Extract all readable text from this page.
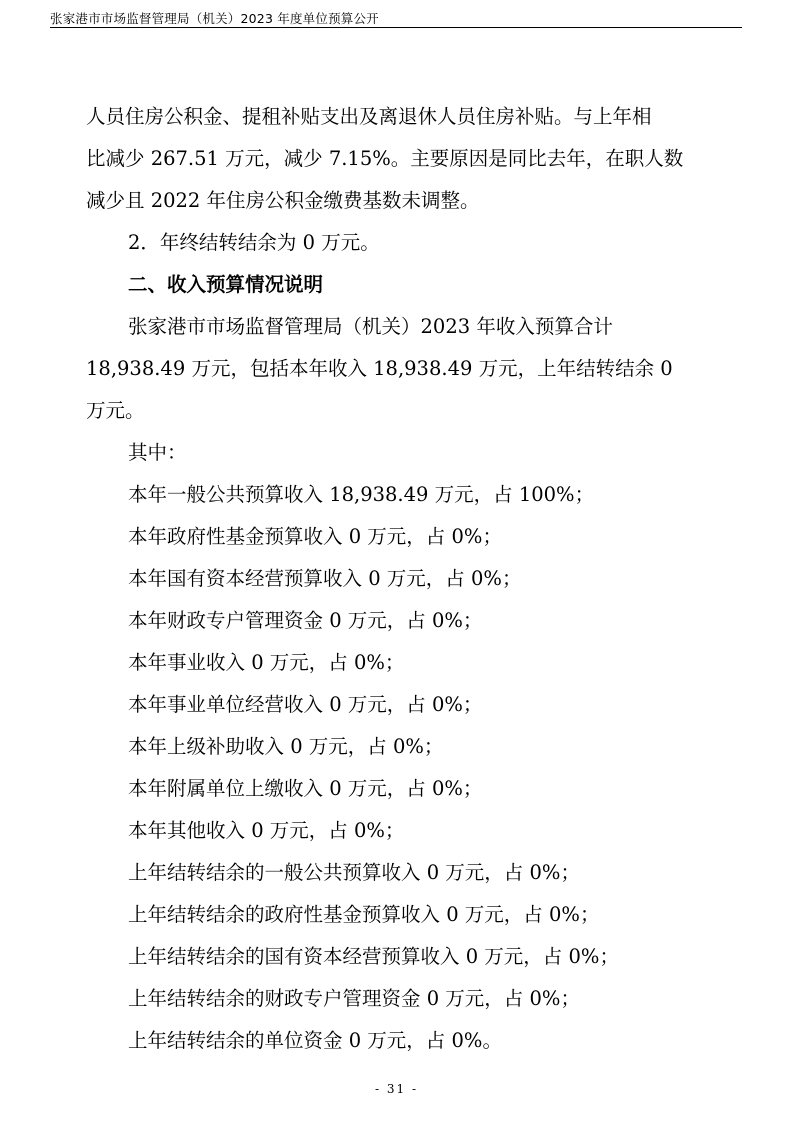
张家港市市场监督管理局（机关）2023 年度单位预算公开
人员住房公积金、提租补贴支出及离退休人员住房补贴。与上年相
比减少 267.51 万元，减少 7.15%。主要原因是同比去年，在职人数
减少且 2022 年住房公积金缴费基数未调整。
2．年终结转结余为 0 万元。
二、收入预算情况说明
张家港市市场监督管理局（机关）2023 年收入预算合计
18,938.49 万元，包括本年收入 18,938.49 万元，上年结转结余 0
万元。
其中：
本年一般公共预算收入 18,938.49 万元，占 100%；
本年政府性基金预算收入 0 万元，占 0%；
本年国有资本经营预算收入 0 万元，占 0%；
本年财政专户管理资金 0 万元，占 0%；
本年事业收入 0 万元，占 0%；
本年事业单位经营收入 0 万元，占 0%；
本年上级补助收入 0 万元，占 0%；
本年附属单位上缴收入 0 万元，占 0%；
本年其他收入 0 万元，占 0%；
上年结转结余的一般公共预算收入 0 万元，占 0%；
上年结转结余的政府性基金预算收入 0 万元，占 0%；
上年结转结余的国有资本经营预算收入 0 万元，占 0%；
上年结转结余的财政专户管理资金 0 万元，占 0%；
上年结转结余的单位资金 0 万元，占 0%。
- 31 -
